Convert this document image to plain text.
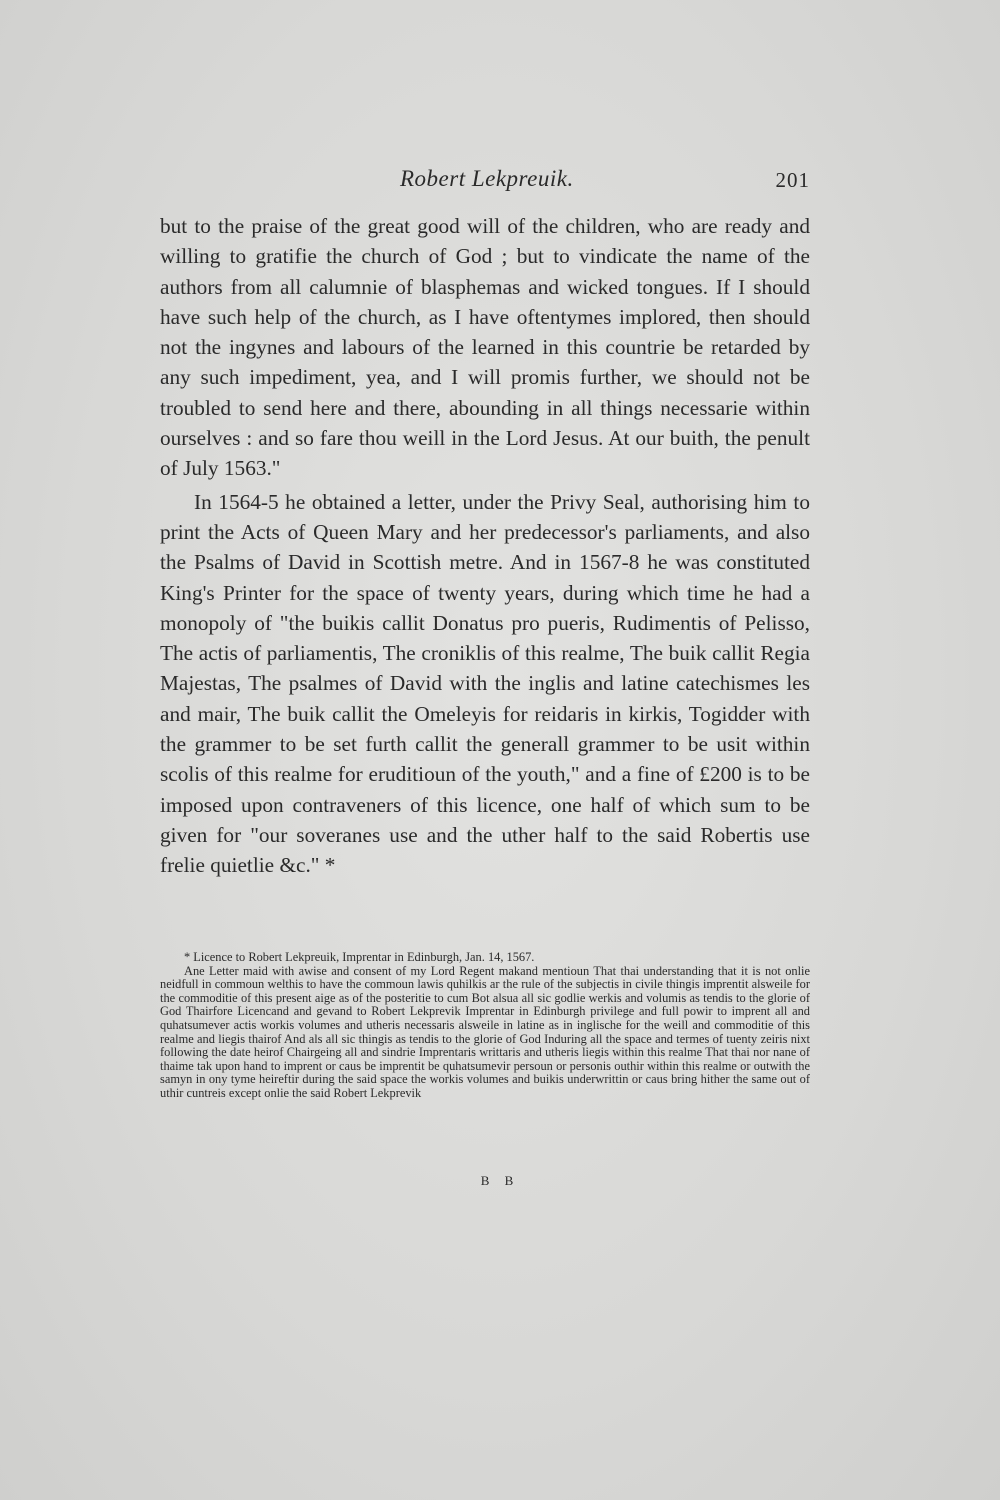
Robert Lekpreuik.	201

but to the praise of the great good will of the children, who are ready and willing to gratifie the church of God ; but to vindicate the name of the authors from all calumnie of blasphemas and wicked tongues. If I should have such help of the church, as I have oftentymes implored, then should not the ingynes and labours of the learned in this countrie be retarded by any such impediment, yea, and I will promis further, we should not be troubled to send here and there, abounding in all things necessarie within ourselves : and so fare thou weill in the Lord Jesus. At our buith, the penult of July 1563."

In 1564-5 he obtained a letter, under the Privy Seal, authorising him to print the Acts of Queen Mary and her predecessor's parliaments, and also the Psalms of David in Scottish metre. And in 1567-8 he was constituted King's Printer for the space of twenty years, during which time he had a monopoly of "the buikis callit Donatus pro pueris, Rudimentis of Pelisso, The actis of parliamentis, The croniklis of this realme, The buik callit Regia Majestas, The psalmes of David with the inglis and latine catechismes les and mair, The buik callit the Omeleyis for reidaris in kirkis, Togidder with the grammer to be set furth callit the generall grammer to be usit within scolis of this realme for eruditioun of the youth," and a fine of £200 is to be imposed upon contraveners of this licence, one half of which sum to be given for "our soveranes use and the uther half to the said Robertis use frelie quietlie &c." *

* Licence to Robert Lekpreuik, Imprentar in Edinburgh, Jan. 14, 1567.

Ane Letter maid with awise and consent of my Lord Regent makand mentioun That thai understanding that it is not onlie neidfull in commoun welthis to have the commoun lawis quhilkis ar the rule of the subjectis in civile thingis imprentit alsweile for the commoditie of this present aige as of the posteritie to cum Bot alsua all sic godlie werkis and volumis as tendis to the glorie of God Thairfore Licencand and gevand to Robert Lekprevik Imprentar in Edinburgh privilege and full powir to imprent all and quhatsumever actis workis volumes and utheris necessaris alsweile in latine as in inglische for the weill and commoditie of this realme and liegis thairof And als all sic thingis as tendis to the glorie of God Induring all the space and termes of tuenty zeiris nixt following the date heirof Chairgeing all and sindrie Imprentaris writtaris and utheris liegis within this realme That thai nor nane of thaime tak upon hand to imprent or caus be imprentit be quhatsumevir persoun or personis outhir within this realme or outwith the samyn in ony tyme heireftir during the said space the workis volumes and buikis underwrittin or caus bring hither the same out of uthir cuntreis except onlie the said Robert Lekprevik

B B
